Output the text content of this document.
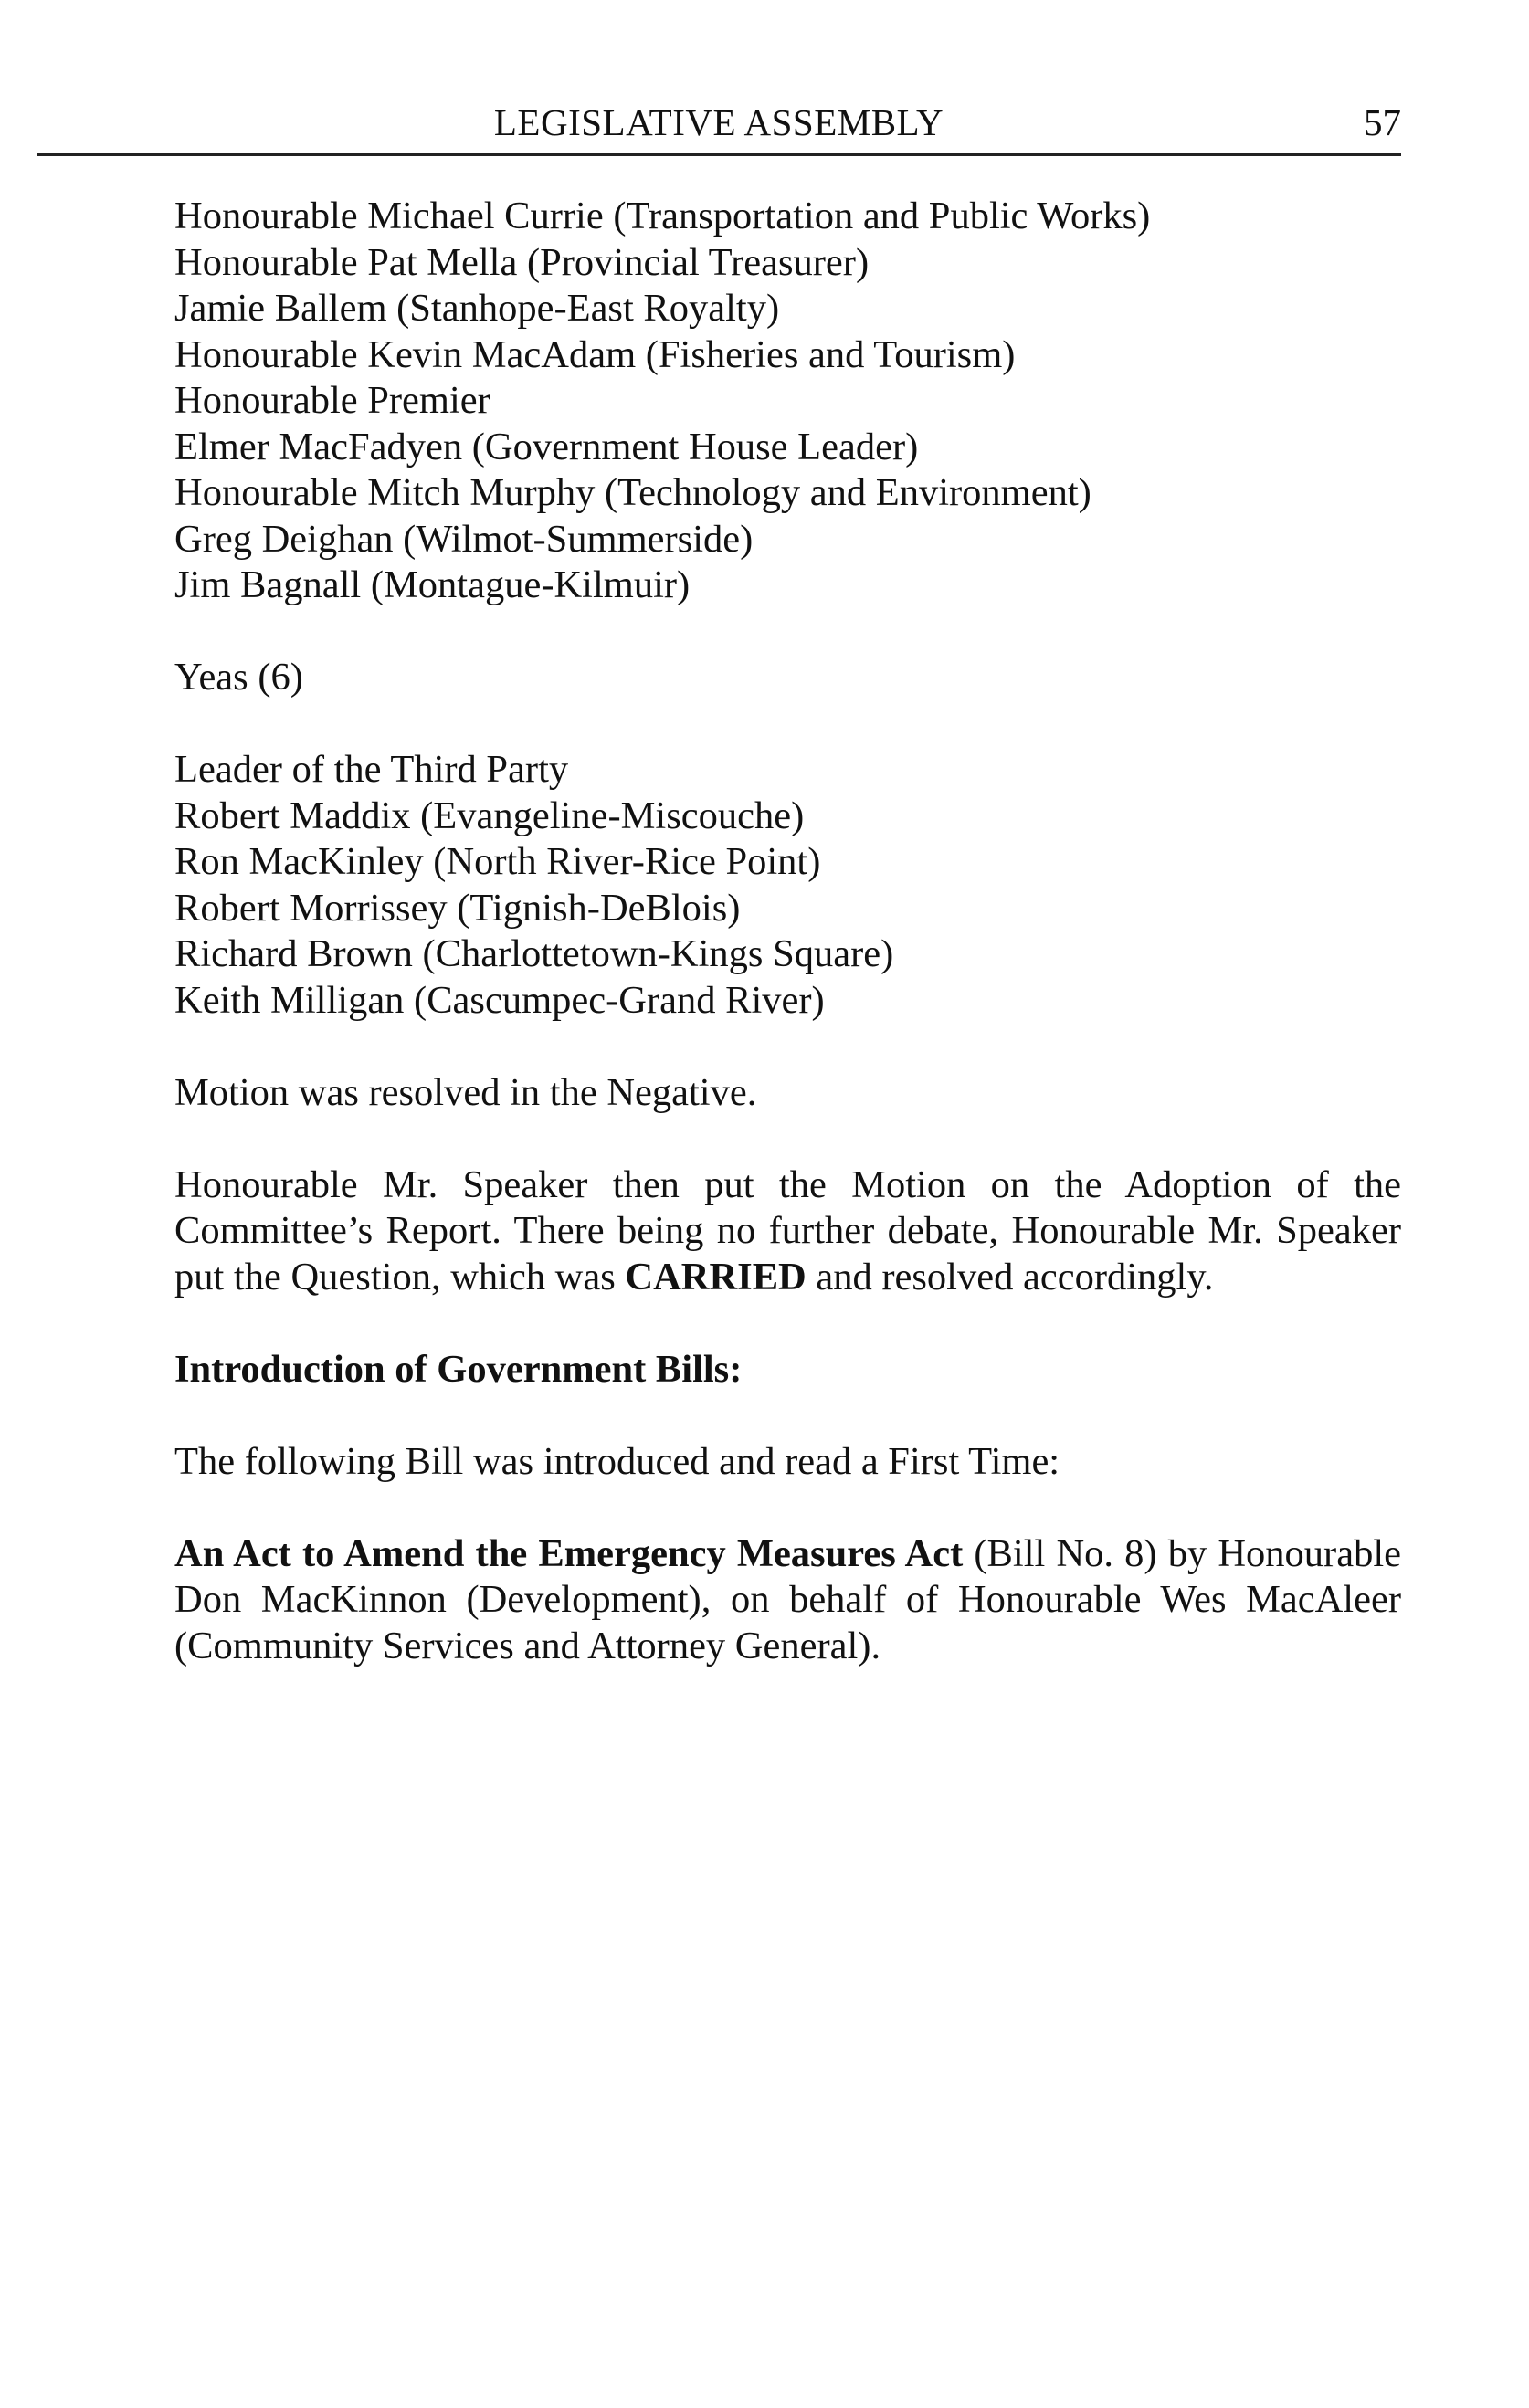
LEGISLATIVE ASSEMBLY	57
Honourable Michael Currie (Transportation and Public Works)
Honourable Pat Mella (Provincial Treasurer)
Jamie Ballem (Stanhope-East Royalty)
Honourable Kevin MacAdam (Fisheries and Tourism)
Honourable Premier
Elmer MacFadyen (Government House Leader)
Honourable Mitch Murphy (Technology and Environment)
Greg Deighan (Wilmot-Summerside)
Jim Bagnall (Montague-Kilmuir)
Yeas (6)
Leader of the Third Party
Robert Maddix (Evangeline-Miscouche)
Ron MacKinley (North River-Rice Point)
Robert Morrissey (Tignish-DeBlois)
Richard Brown (Charlottetown-Kings Square)
Keith Milligan (Cascumpec-Grand River)
Motion was resolved in the Negative.

Honourable Mr. Speaker then put the Motion on the Adoption of the Committee’s Report. There being no further debate, Honourable Mr. Speaker put the Question, which was CARRIED and resolved accordingly.

Introduction of Government Bills:
The following Bill was introduced and read a First Time:

An Act to Amend the Emergency Measures Act (Bill No. 8) by Honourable Don MacKinnon (Development), on behalf of Honourable Wes MacAleer (Community Services and Attorney General).
